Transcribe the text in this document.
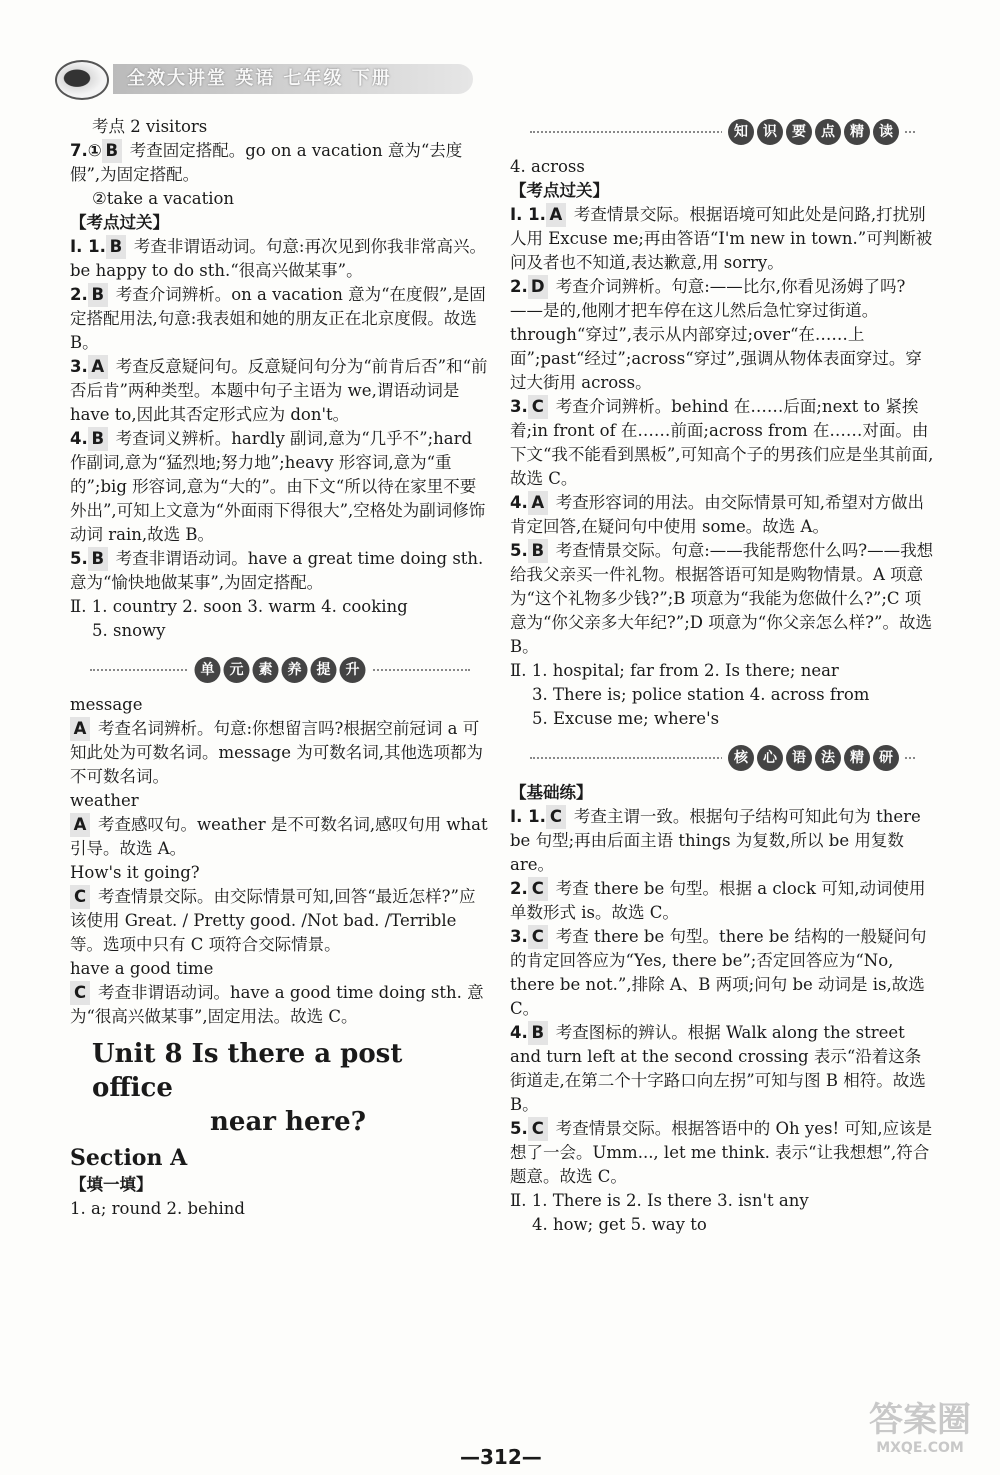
全效大讲堂 英语 七年级 下册

考点 2 visitors

7.① B 考查固定搭配。go on a vacation 意为“去度假”,为固定搭配。

②take a vacation

【考点过关】

Ⅰ. 1. B 考查非谓语动词。句意:再次见到你我非常高兴。be happy to do sth.“很高兴做某事”。

2. B 考查介词辨析。on a vacation 意为“在度假”,是固定搭配用法,句意:我表姐和她的朋友正在北京度假。故选 B。

3. A 考查反意疑问句。反意疑问句分为“前肯后否”和“前否后肯”两种类型。本题中句子主语为 we,谓语动词是 have to,因此其否定形式应为 don't。

4. B 考查词义辨析。hardly 副词,意为“几乎不”;hard 作副词,意为“猛烈地;努力地”;heavy 形容词,意为“重的”;big 形容词,意为“大的”。由下文“所以待在家里不要外出”,可知上文意为“外面雨下得很大”,空格处为副词修饰动词 rain,故选 B。

5. B 考查非谓语动词。have a great time doing sth. 意为“愉快地做某事”,为固定搭配。

Ⅱ. 1. country 2. soon 3. warm 4. cooking

5. snowy

单	元	素	养	提	升

message

A 考查名词辨析。句意:你想留言吗?根据空前冠词 a 可知此处为可数名词。message 为可数名词,其他选项都为不可数名词。

weather

A 考查感叹句。weather 是不可数名词,感叹句用 what 引导。故选 A。

How's it going?

C 考查情景交际。由交际情景可知,回答“最近怎样?”应该使用 Great. / Pretty good. /Not bad. /Terrible 等。选项中只有 C 项符合交际情景。

have a good time

C 考查非谓语动词。have a good time doing sth. 意为“很高兴做某事”,固定用法。故选 C。

Unit 8 Is there a post office
near here?

Section A

【填一填】

1. a; round 2. behind

知	识	要	点	精	读

4. across

【考点过关】

Ⅰ. 1. A 考查情景交际。根据语境可知此处是问路,打扰别人用 Excuse me;再由答语“I'm new in town.”可判断被问及者也不知道,表达歉意,用 sorry。

2. D 考查介词辨析。句意:——比尔,你看见汤姆了吗?——是的,他刚才把车停在这儿然后急忙穿过街道。through“穿过”,表示从内部穿过;over“在……上面”;past“经过”;across“穿过”,强调从物体表面穿过。穿过大街用 across。

3. C 考查介词辨析。behind 在……后面;next to 紧挨着;in front of 在……前面;across from 在……对面。由下文“我不能看到黑板”,可知高个子的男孩们应是坐其前面,故选 C。

4. A 考查形容词的用法。由交际情景可知,希望对方做出肯定回答,在疑问句中使用 some。故选 A。

5. B 考查情景交际。句意:——我能帮您什么吗?——我想给我父亲买一件礼物。根据答语可知是购物情景。A 项意为“这个礼物多少钱?”;B 项意为“我能为您做什么?”;C 项意为“你父亲多大年纪?”;D 项意为“你父亲怎么样?”。故选 B。

Ⅱ. 1. hospital; far from 2. Is there; near

3. There is; police station 4. across from

5. Excuse me; where's

核	心	语	法	精	研

【基础练】

Ⅰ. 1. C 考查主谓一致。根据句子结构可知此句为 there be 句型;再由后面主语 things 为复数,所以 be 用复数 are。

2. C 考查 there be 句型。根据 a clock 可知,动词使用单数形式 is。故选 C。

3. C 考查 there be 句型。there be 结构的一般疑问句的肯定回答应为“Yes, there be”;否定回答应为“No, there be not.”,排除 A、B 两项;问句 be 动词是 is,故选 C。

4. B 考查图标的辨认。根据 Walk along the street and turn left at the second crossing 表示“沿着这条街道走,在第二个十字路口向左拐”可知与图 B 相符。故选 B。

5. C 考查情景交际。根据答语中的 Oh yes! 可知,应该是想了一会。Umm..., let me think. 表示“让我想想”,符合题意。故选 C。

Ⅱ. 1. There is 2. Is there 3. isn't any

4. how; get 5. way to

—312—
答案圈
MXQE.COM
